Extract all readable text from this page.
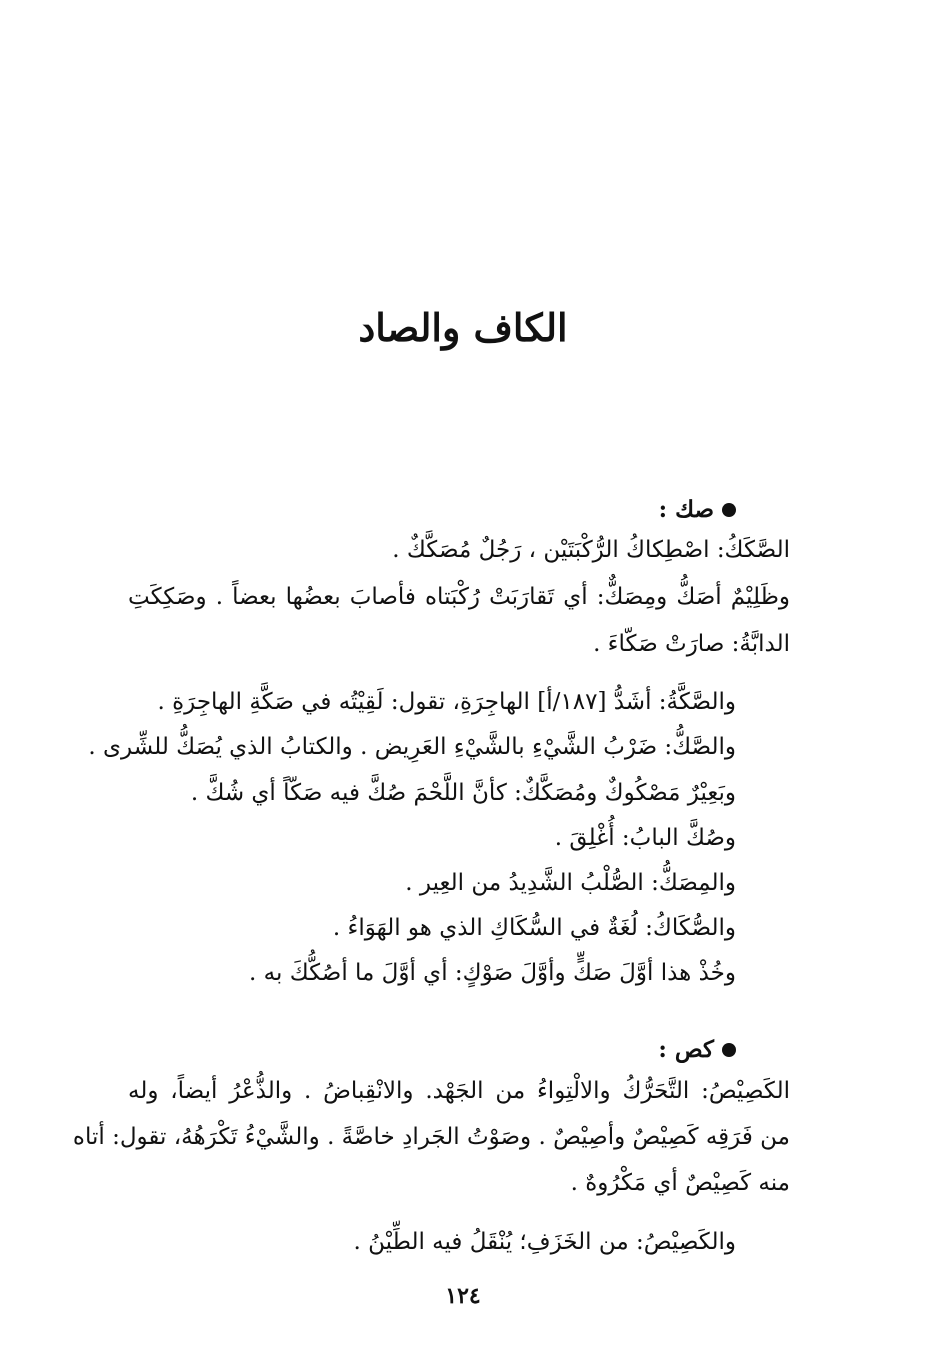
الكاف والصاد
صك :

الصَّكَكُ: اصْطِكاكُ الرُّكْبَتَيْن ، رَجُلٌ مُصَكَّكٌ .

وظَلِيْمٌ أصَكُّ ومِصَكٌّ: أي تَقارَبَتْ رُكْبَتاه فأصابَ بعضُها بعضاً . وصَكِكَتِ

الدابَّةُ: صارَتْ صَكّاءَ .

والصَّكَّةُ: أشَدُّ [١٨٧/أ] الهاجِرَةِ، تقول: لَقِيْتُه في صَكَّةِ الهاجِرَةِ .

والصَّكُّ: ضَرْبُ الشَّيْءِ بالشَّيْءِ العَرِيض . والكتابُ الذي يُصَكُّ للشِّرى .

وبَعِيْرٌ مَصْكُوكٌ ومُصَكَّكٌ: كأنَّ اللَّحْمَ صُكَّ فيه صَكّاً أي شُكَّ .

وصُكَّ البابُ: أُغْلِقَ .

والمِصَكُّ: الصُّلْبُ الشَّدِيدُ من العِير .

والصُّكَاكُ: لُغَةٌ في السُّكَاكِ الذي هو الهَوَاءُ .

وخُذْ هذا أوَّلَ صَكٍّ وأوَّلَ صَوْكٍ: أي أوَّلَ ما أصُكُّكَ به .

كص :

الكَصِيْصُ: التَّحَرُّكُ والالْتِواءُ من الجَهْد. والانْقِباضُ . والذُّعْرُ أيضاً، وله

من فَرَقِه كَصِيْصٌ وأصِيْصٌ . وصَوْتُ الجَرادِ خاصَّةً . والشَّيْءُ تَكْرَهُهُ، تقول: أتاه

منه كَصِيْصٌ أي مَكْرُوهٌ .

والكَصِيْصُ: من الخَزَفِ؛ يُنْقَلُ فيه الطِّيْنُ .

١٢٤
